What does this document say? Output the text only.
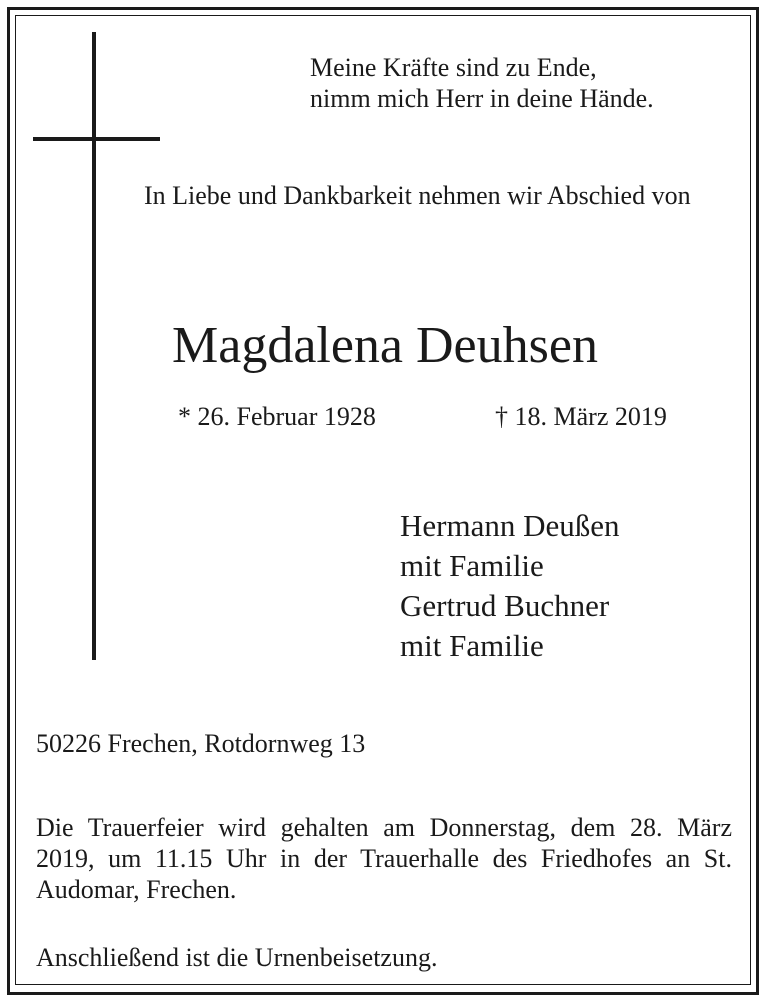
Meine Kräfte sind zu Ende,
nimm mich Herr in deine Hände.

In Liebe und Dankbarkeit nehmen wir Abschied von

Magdalena Deuhsen
* 26. Februar 1928	† 18. März 2019
Hermann Deußen
mit Familie
Gertrud Buchner
mit Familie
50226 Frechen, Rotdornweg 13

Die Trauerfeier wird gehalten am Donnerstag, dem 28. März 2019, um 11.15 Uhr in der Trauerhalle des Friedhofes an St. Audomar, Frechen.

Anschließend ist die Urnenbeisetzung.
